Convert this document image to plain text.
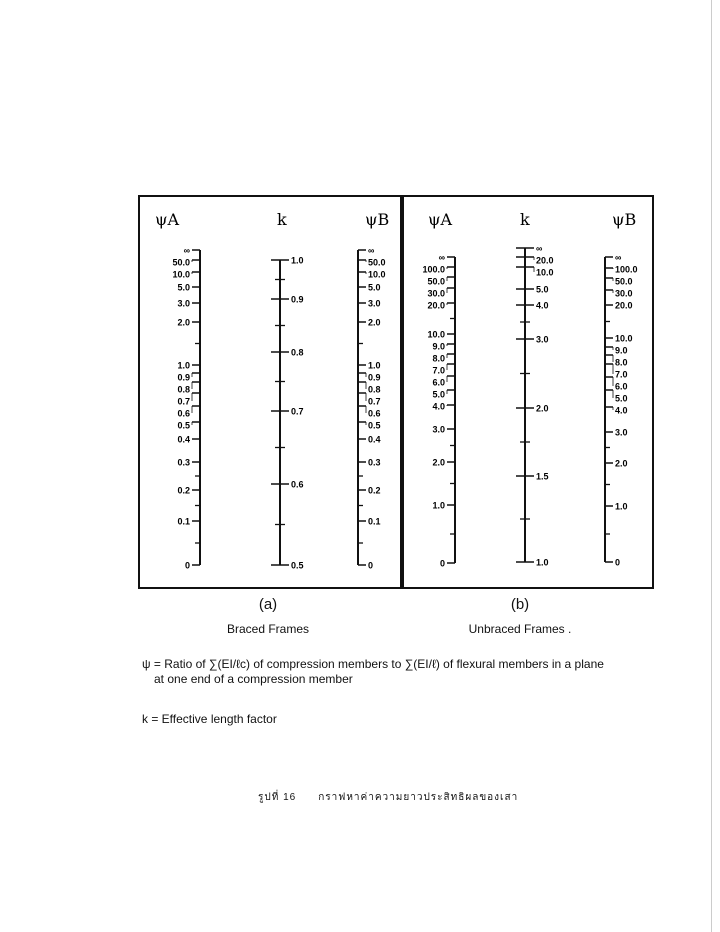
ψA
∞
50.0
10.0
5.0
3.0
2.0
1.0
0.9
0.8
0.7
0.6
0.5
0.4
0.3
0.2
0.1
0
k
1.0
0.9
0.8
0.7
0.6
0.5
ψB
∞
50.0
10.0
5.0
3.0
2.0
1.0
0.9
0.8
0.7
0.6
0.5
0.4
0.3
0.2
0.1
0
ψA
∞
100.0
50.0
30.0
20.0
10.0
9.0
8.0
7.0
6.0
5.0
4.0
3.0
2.0
1.0
0
k
∞
20.0
10.0
5.0
4.0
3.0
2.0
1.5
1.0
ψB
∞
100.0
50.0
30.0
20.0
10.0
9.0
8.0
7.0
6.0
5.0
4.0
3.0
2.0
1.0
0
(a)
Braced Frames
(b)
Unbraced Frames .
ψ = Ratio of ∑(EI/ℓc) of compression members to ∑(EI/ℓ) of flexural members in a plane
at one end of a compression member
k = Effective length factor
รูปที่ 16 กราฟหาค่าความยาวประสิทธิผลของเสา
